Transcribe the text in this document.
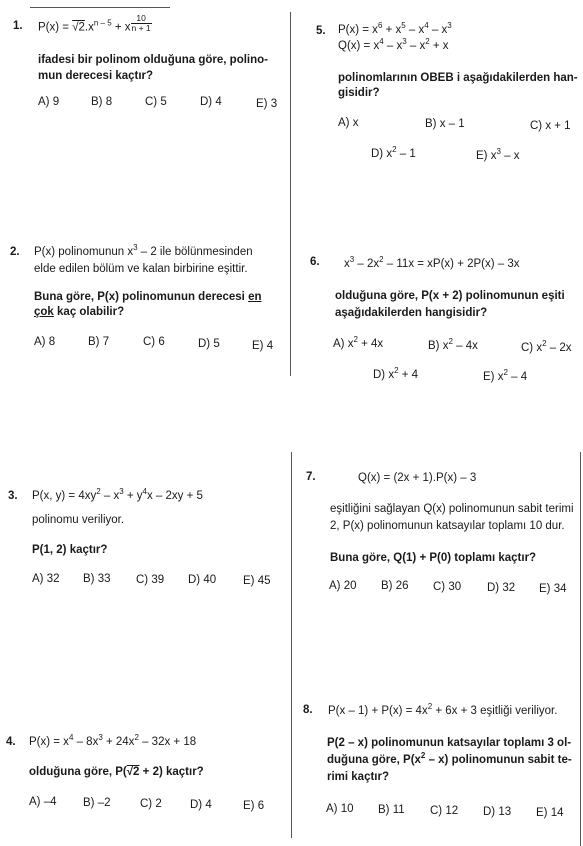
1. $P(x) = √2.x^{n - 5} + x$ $^{\frac{10}{n + 1}}$
ifadesi bir polinom olduğuna göre, polino-
mun derecesi kaçtır?
A) 9	B) 8	C) 5	D) 4	E) 3
2. P(x) polinomunun $x^3 - 2$ ile bölünmesinden
elde edilen bölüm ve kalan birbirine eşittir.
Buna göre, P(x) polinomunun derecesi en
çok kaç olabilir?
A) 8	B) 7	C) 6	D) 5	E) 4
3. P(x, $y) = 4xy^2 - x^3 + y^4x - 2xy + 5$
polinomu veriliyor.
P(1, 2) kaçtır?
A) 32 B) 33 C) 39 D) 40 E) 45
4. $P(x) = x^4 - 8x^3 + 24x^2 - 32x + 18$
olduğuna göre, P(√2 + 2) kaçtır?
A) –4 B) –2	C) 2 D) 4	E) 6
5. $P(x) = x^6 + x^5 - x^4 - x^3$
$Q(x) = x^4 - x^3 - x^2 + x$
polinomlarının OBEB i aşağıdakilerden han-
gisidir?
A) x	B) x – 1	C) x + 1
D) $x^2 - 1$	E) $x^3$ – x
6. $x^3 - 2x^2 - 11x = xP(x) + 2P(x) - 3x$
olduğuna göre, P(x + 2) polinomunun eşiti
aşağıdakilerden hangisidir?
A) $x^2 + 4x$	B) $x^2 - 4x$	C) $x^2 - 2x$
D) $x^2 + 4$	E) $x^2 - 4$
7.	Q(x) = (2x + 1).P(x) – 3
eşitliğini sağlayan Q(x) polinomunun sabit terimi
2, P(x) polinomunun katsayılar toplamı 10 dur.
Buna göre, Q(1) + P(0) toplamı kaçtır?
A) 20 B) 26 C) 30 D) 32 E) 34
8. $P(x - 1) + P(x) = 4x^2 + 6x + 3$ eşitliği veriliyor.
P(2 – x) polinomunun katsayılar toplamı 3 ol-
duğuna göre, $P(x^2 - x)$ polinomunun sabit te-
rimi kaçtır?
A) 10 B) 11 C) 12 D) 13 E) 14
